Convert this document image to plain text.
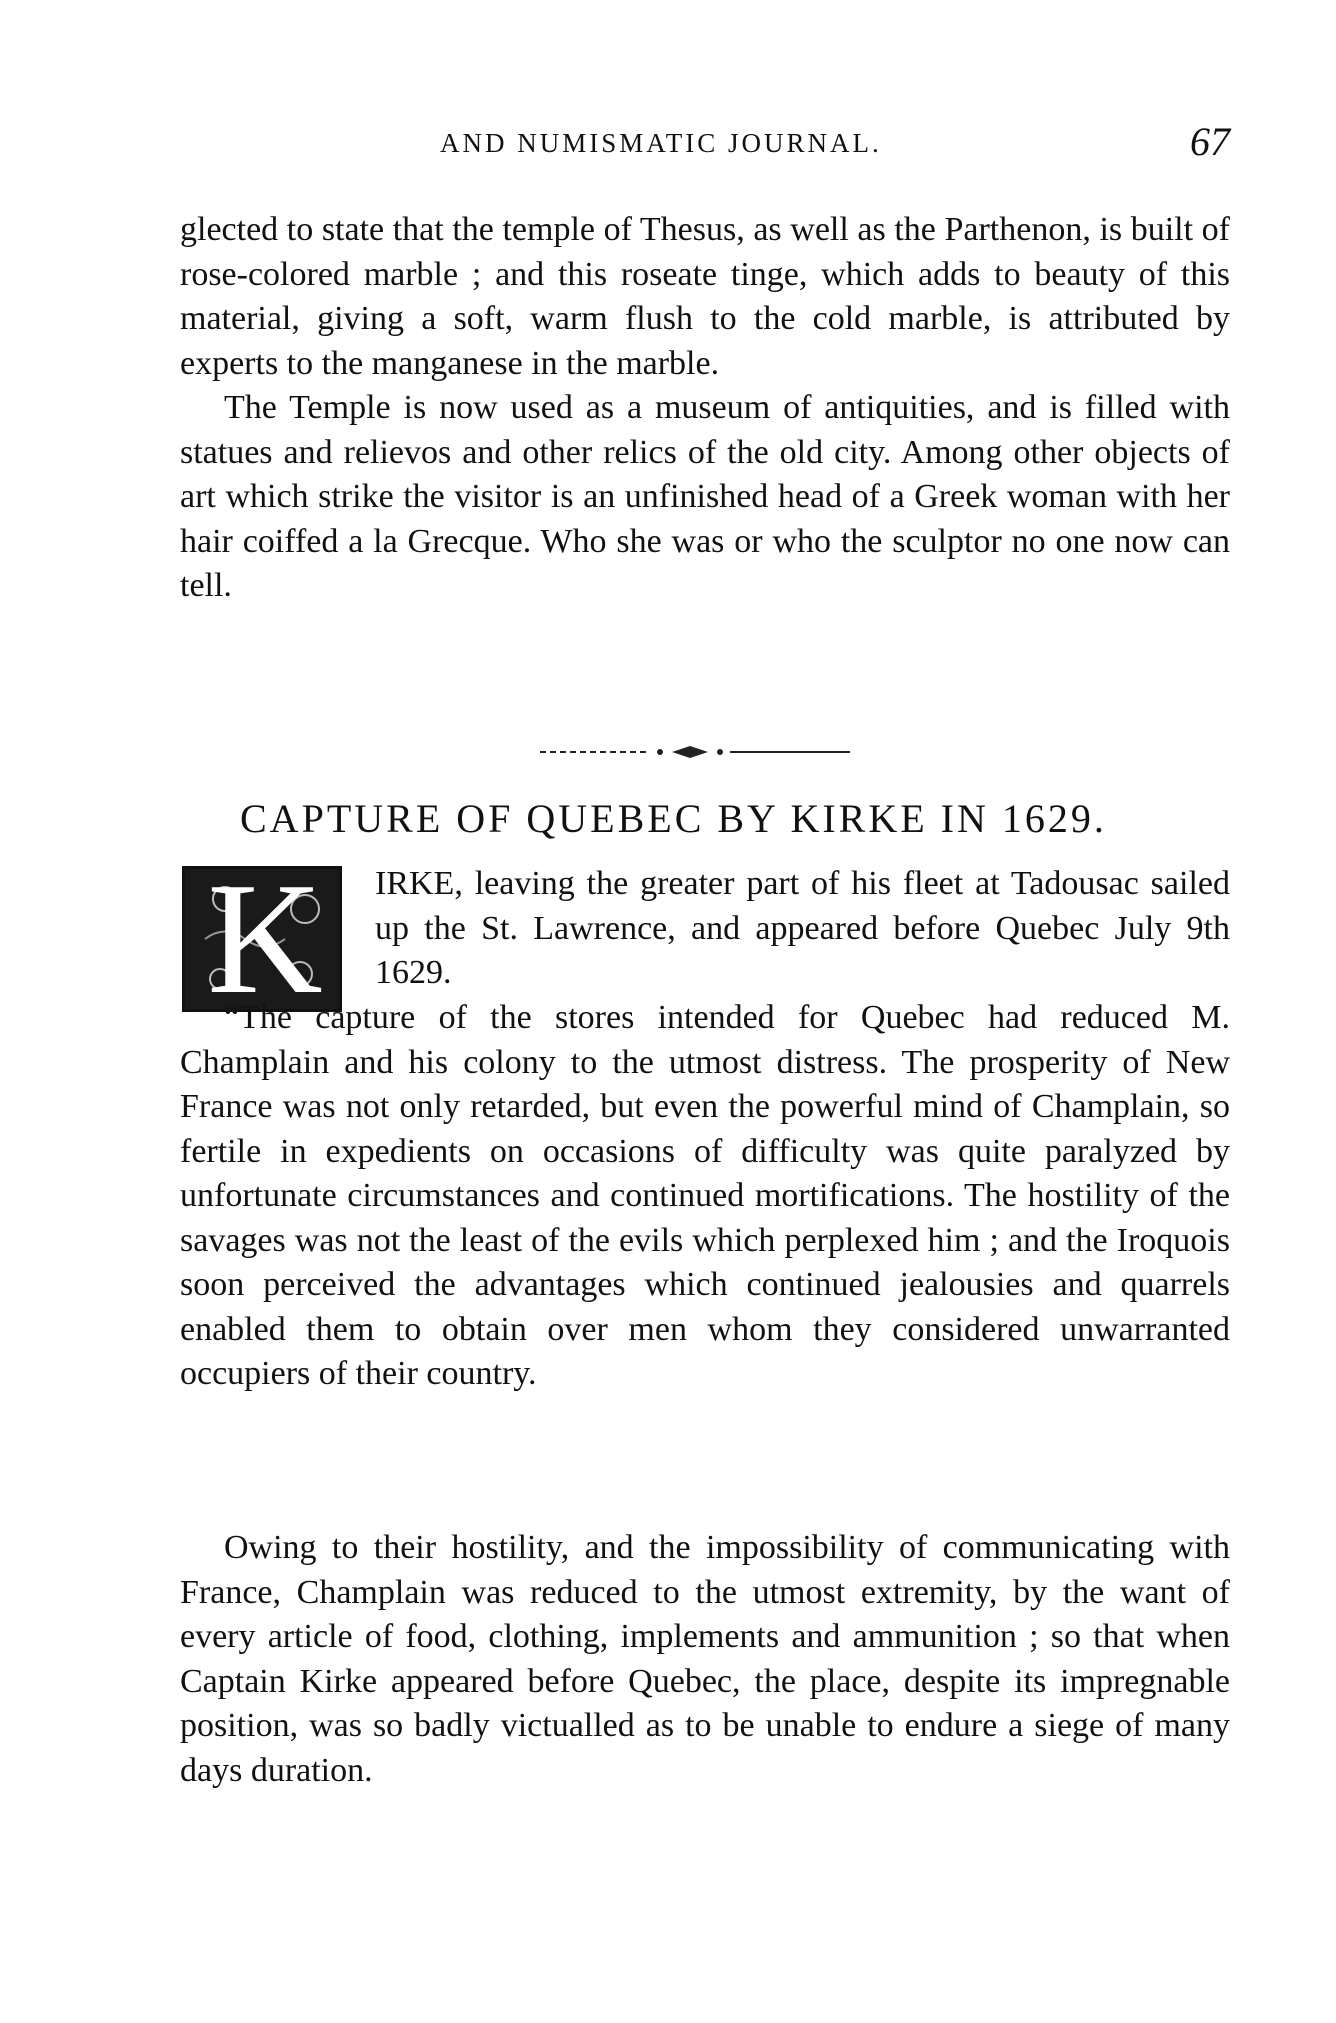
AND NUMISMATIC JOURNAL.	67

glected to state that the temple of Thesus, as well as the Parthenon, is built of rose-colored marble ; and this roseate tinge, which adds to beauty of this material, giving a soft, warm flush to the cold marble, is attributed by experts to the manganese in the marble.

The Temple is now used as a museum of antiquities, and is filled with statues and relievos and other relics of the old city. Among other objects of art which strike the visitor is an unfinished head of a Greek woman with her hair coiffed a la Grecque. Who she was or who the sculptor no one now can tell.

CAPTURE OF QUEBEC BY KIRKE IN 1629.
K	IRKE, leaving the greater part of his fleet at Tadousac sailed up the St. Lawrence, and appeared before Quebec July 9th 1629.

“The capture of the stores intended for Quebec had reduced M. Champlain and his colony to the utmost distress. The prosperity of New France was not only retarded, but even the powerful mind of Champlain, so fertile in expedients on occasions of difficulty was quite paralyzed by unfortunate circumstances and continued mortifications. The hostility of the savages was not the least of the evils which perplexed him ; and the Iroquois soon perceived the advantages which continued jealousies and quarrels enabled them to obtain over men whom they considered unwarranted occupiers of their country.

Owing to their hostility, and the impossibility of communicating with France, Champlain was reduced to the utmost extremity, by the want of every article of food, clothing, implements and ammunition ; so that when Captain Kirke appeared before Quebec, the place, despite its impregnable position, was so badly victualled as to be unable to endure a siege of many days duration.
